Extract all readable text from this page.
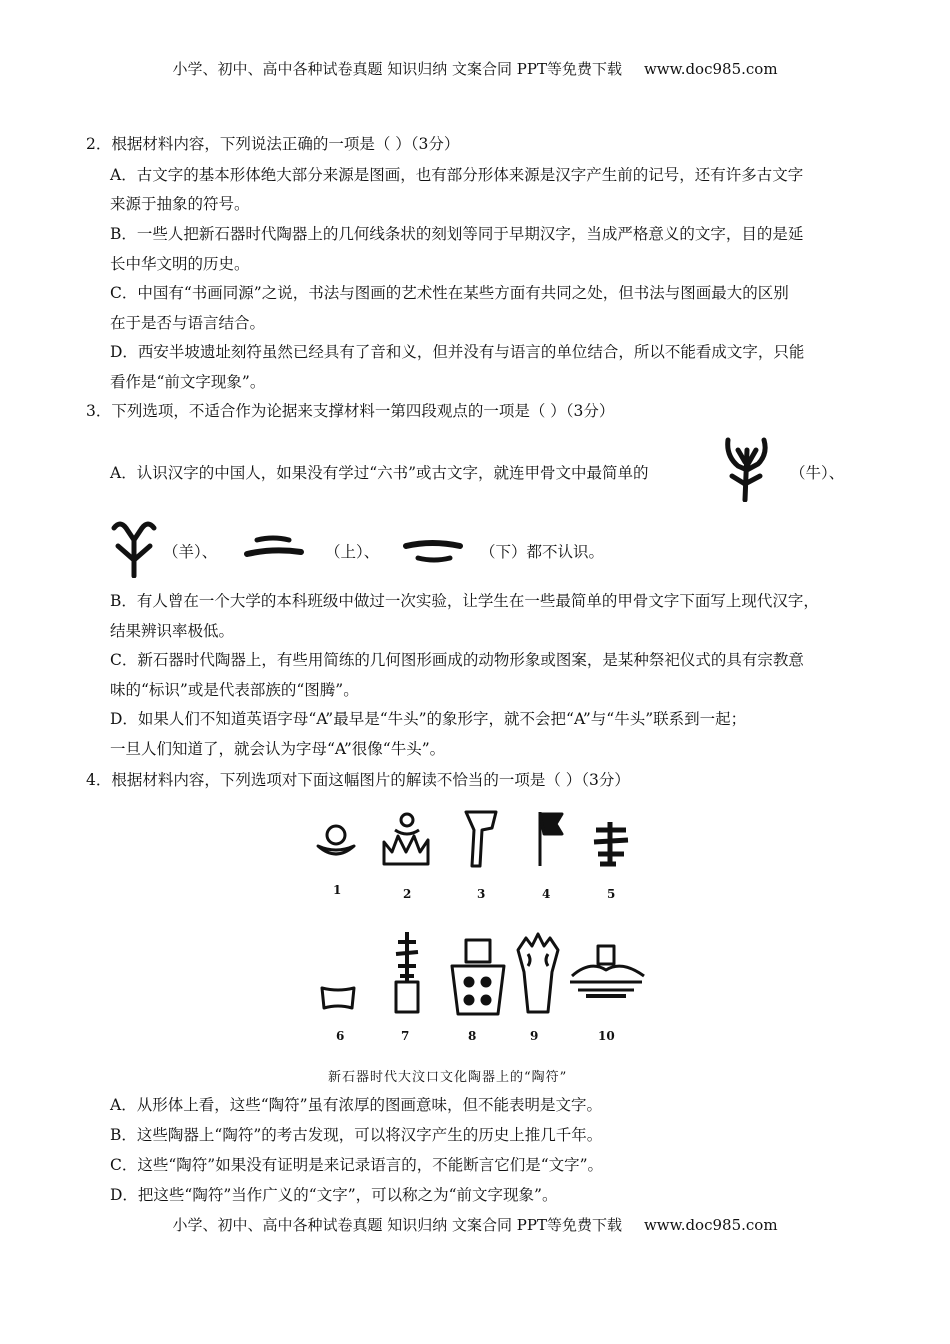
小学、初中、高中各种试卷真题 知识归纳 文案合同 PPT等免费下载 www.doc985.com
2．根据材料内容，下列说法正确的一项是（ ）（3分）
A．古文字的基本形体绝大部分来源是图画，也有部分形体来源是汉字产生前的记号，还有许多古文字
来源于抽象的符号。
B．一些人把新石器时代陶器上的几何线条状的刻划等同于早期汉字，当成严格意义的文字，目的是延
长中华文明的历史。
C．中国有“书画同源”之说，书法与图画的艺术性在某些方面有共同之处，但书法与图画最大的区别
在于是否与语言结合。
D．西安半坡遗址刻符虽然已经具有了音和义，但并没有与语言的单位结合，所以不能看成文字，只能
看作是“前文字现象”。
3．下列选项，不适合作为论据来支撑材料一第四段观点的一项是（ ）（3分）
A．认识汉字的中国人，如果没有学过“六书”或古文字，就连甲骨文中最简单的	（牛）、
（羊）、	（上）、	（下）都不认识。
B．有人曾在一个大学的本科班级中做过一次实验，让学生在一些最简单的甲骨文字下面写上现代汉字，
结果辨识率极低。
C．新石器时代陶器上，有些用简练的几何图形画成的动物形象或图案，是某种祭祀仪式的具有宗教意
味的“标识”或是代表部族的“图腾”。
D．如果人们不知道英语字母“A”最早是“牛头”的象形字，就不会把“A”与“牛头”联系到一起；
一旦人们知道了，就会认为字母“A”很像“牛头”。
4．根据材料内容，下列选项对下面这幅图片的解读不恰当的一项是（ ）（3分）
1	2	3	4	5
6	7	8	9	10
新石器时代大汶口文化陶器上的“陶符”
A．从形体上看，这些“陶符”虽有浓厚的图画意味，但不能表明是文字。
B．这些陶器上“陶符”的考古发现，可以将汉字产生的历史上推几千年。
C．这些“陶符”如果没有证明是来记录语言的，不能断言它们是“文字”。
D．把这些“陶符”当作广义的“文字”，可以称之为“前文字现象”。
小学、初中、高中各种试卷真题 知识归纳 文案合同 PPT等免费下载 www.doc985.com
